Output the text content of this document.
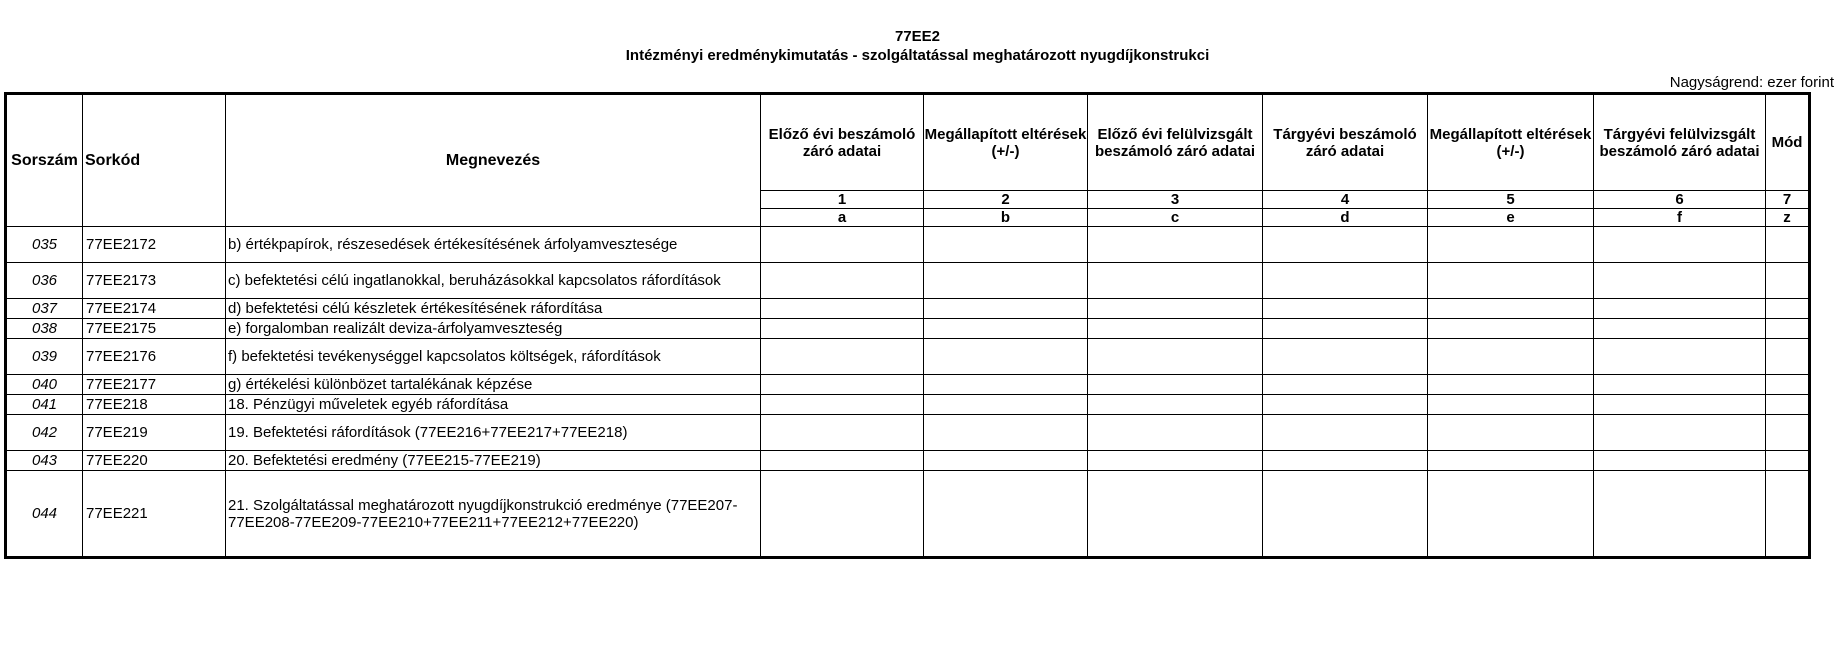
77EE2
Intézményi eredménykimutatás - szolgáltatással meghatározott nyugdíjkonstrukci
Nagyságrend: ezer forint
Sorszám	Sorkód	Megnevezés	Előző évi beszámoló záró adatai	Megállapított eltérések (+/-)	Előző évi felülvizsgált beszámoló záró adatai	Tárgyévi beszámoló záró adatai	Megállapított eltérések (+/-)	Tárgyévi felülvizsgált beszámoló záró adatai	Mód
			1	2	3	4	5	6	7
			a	b	c	d	e	f	z
035	77EE2172	b) értékpapírok, részesedések értékesítésének árfolyamvesztesége							
036	77EE2173	c) befektetési célú ingatlanokkal, beruházásokkal kapcsolatos ráfordítások							
037	77EE2174	d) befektetési célú készletek értékesítésének ráfordítása							
038	77EE2175	e) forgalomban realizált deviza-árfolyamveszteség							
039	77EE2176	f) befektetési tevékenységgel kapcsolatos költségek, ráfordítások							
040	77EE2177	g) értékelési különbözet tartalékának képzése							
041	77EE218	18. Pénzügyi műveletek egyéb ráfordítása							
042	77EE219	19. Befektetési ráfordítások (77EE216+77EE217+77EE218)							
043	77EE220	20. Befektetési eredmény (77EE215-77EE219)							
044	77EE221	21. Szolgáltatással meghatározott nyugdíjkonstrukció eredménye (77EE207-77EE208-77EE209-77EE210+77EE211+77EE212+77EE220)							
